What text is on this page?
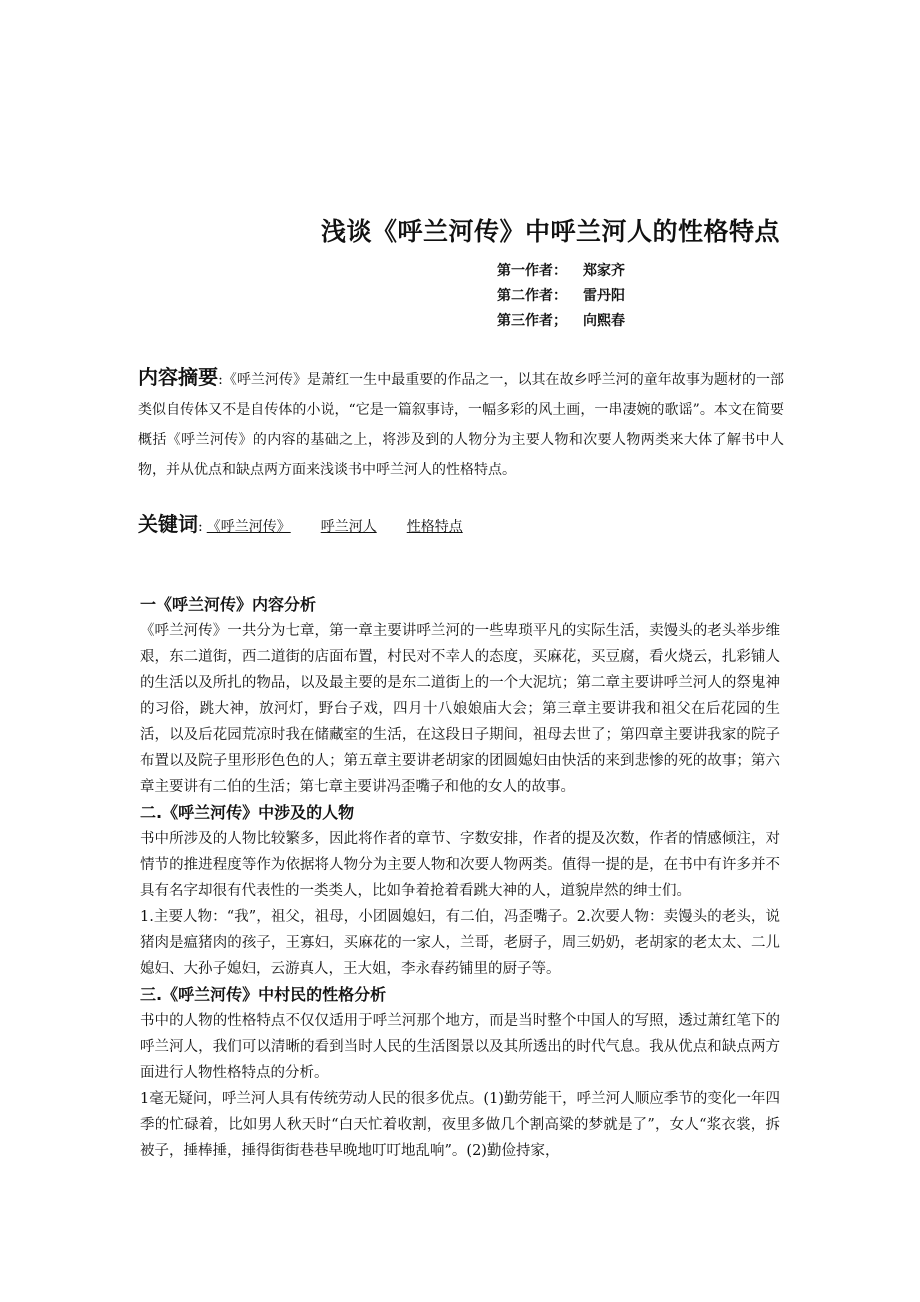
浅谈《呼兰河传》中呼兰河人的性格特点
第一作者：	郑家齐
第二作者：	雷丹阳
第三作者；	向熙春
内容摘要:《呼兰河传》是萧红一生中最重要的作品之一，以其在故乡呼兰河的童年故事为题材的一部类似自传体又不是自传体的小说，“它是一篇叙事诗，一幅多彩的风土画，一串凄婉的歌谣”。本文在简要概括《呼兰河传》的内容的基础之上，将涉及到的人物分为主要人物和次要人物两类来大体了解书中人物，并从优点和缺点两方面来浅谈书中呼兰河人的性格特点。
关键词: 《呼兰河传》 呼兰河人 性格特点
一《呼兰河传》内容分析

《呼兰河传》一共分为七章，第一章主要讲呼兰河的一些卑琐平凡的实际生活，卖馒头的老头举步维艰，东二道街，西二道街的店面布置，村民对不幸人的态度，买麻花，买豆腐，看火烧云，扎彩铺人的生活以及所扎的物品，以及最主要的是东二道街上的一个大泥坑；第二章主要讲呼兰河人的祭鬼神的习俗，跳大神，放河灯，野台子戏，四月十八娘娘庙大会；第三章主要讲我和祖父在后花园的生活，以及后花园荒凉时我在储藏室的生活，在这段日子期间，祖母去世了；第四章主要讲我家的院子布置以及院子里形形色色的人；第五章主要讲老胡家的团圆媳妇由快活的来到悲惨的死的故事；第六章主要讲有二伯的生活；第七章主要讲冯歪嘴子和他的女人的故事。

二.《呼兰河传》中涉及的人物

书中所涉及的人物比较繁多，因此将作者的章节、字数安排，作者的提及次数，作者的情感倾注，对情节的推进程度等作为依据将人物分为主要人物和次要人物两类。值得一提的是，在书中有许多并不具有名字却很有代表性的一类类人，比如争着抢着看跳大神的人，道貌岸然的绅士们。

1.主要人物：“我”，祖父，祖母，小团圆媳妇，有二伯，冯歪嘴子。2.次要人物：卖馒头的老头，说猪肉是瘟猪肉的孩子，王寡妇，买麻花的一家人，兰哥，老厨子，周三奶奶，老胡家的老太太、二儿媳妇、大孙子媳妇，云游真人，王大姐，李永春药铺里的厨子等。

三.《呼兰河传》中村民的性格分析

书中的人物的性格特点不仅仅适用于呼兰河那个地方，而是当时整个中国人的写照，透过萧红笔下的呼兰河人，我们可以清晰的看到当时人民的生活图景以及其所透出的时代气息。我从优点和缺点两方面进行人物性格特点的分析。

1毫无疑问，呼兰河人具有传统劳动人民的很多优点。(1)勤劳能干，呼兰河人顺应季节的变化一年四季的忙碌着，比如男人秋天时“白天忙着收割，夜里多做几个割高粱的梦就是了”，女人“浆衣裳，拆被子，捶棒捶，捶得街街巷巷早晚地叮叮地乱响”。(2)勤俭持家，
